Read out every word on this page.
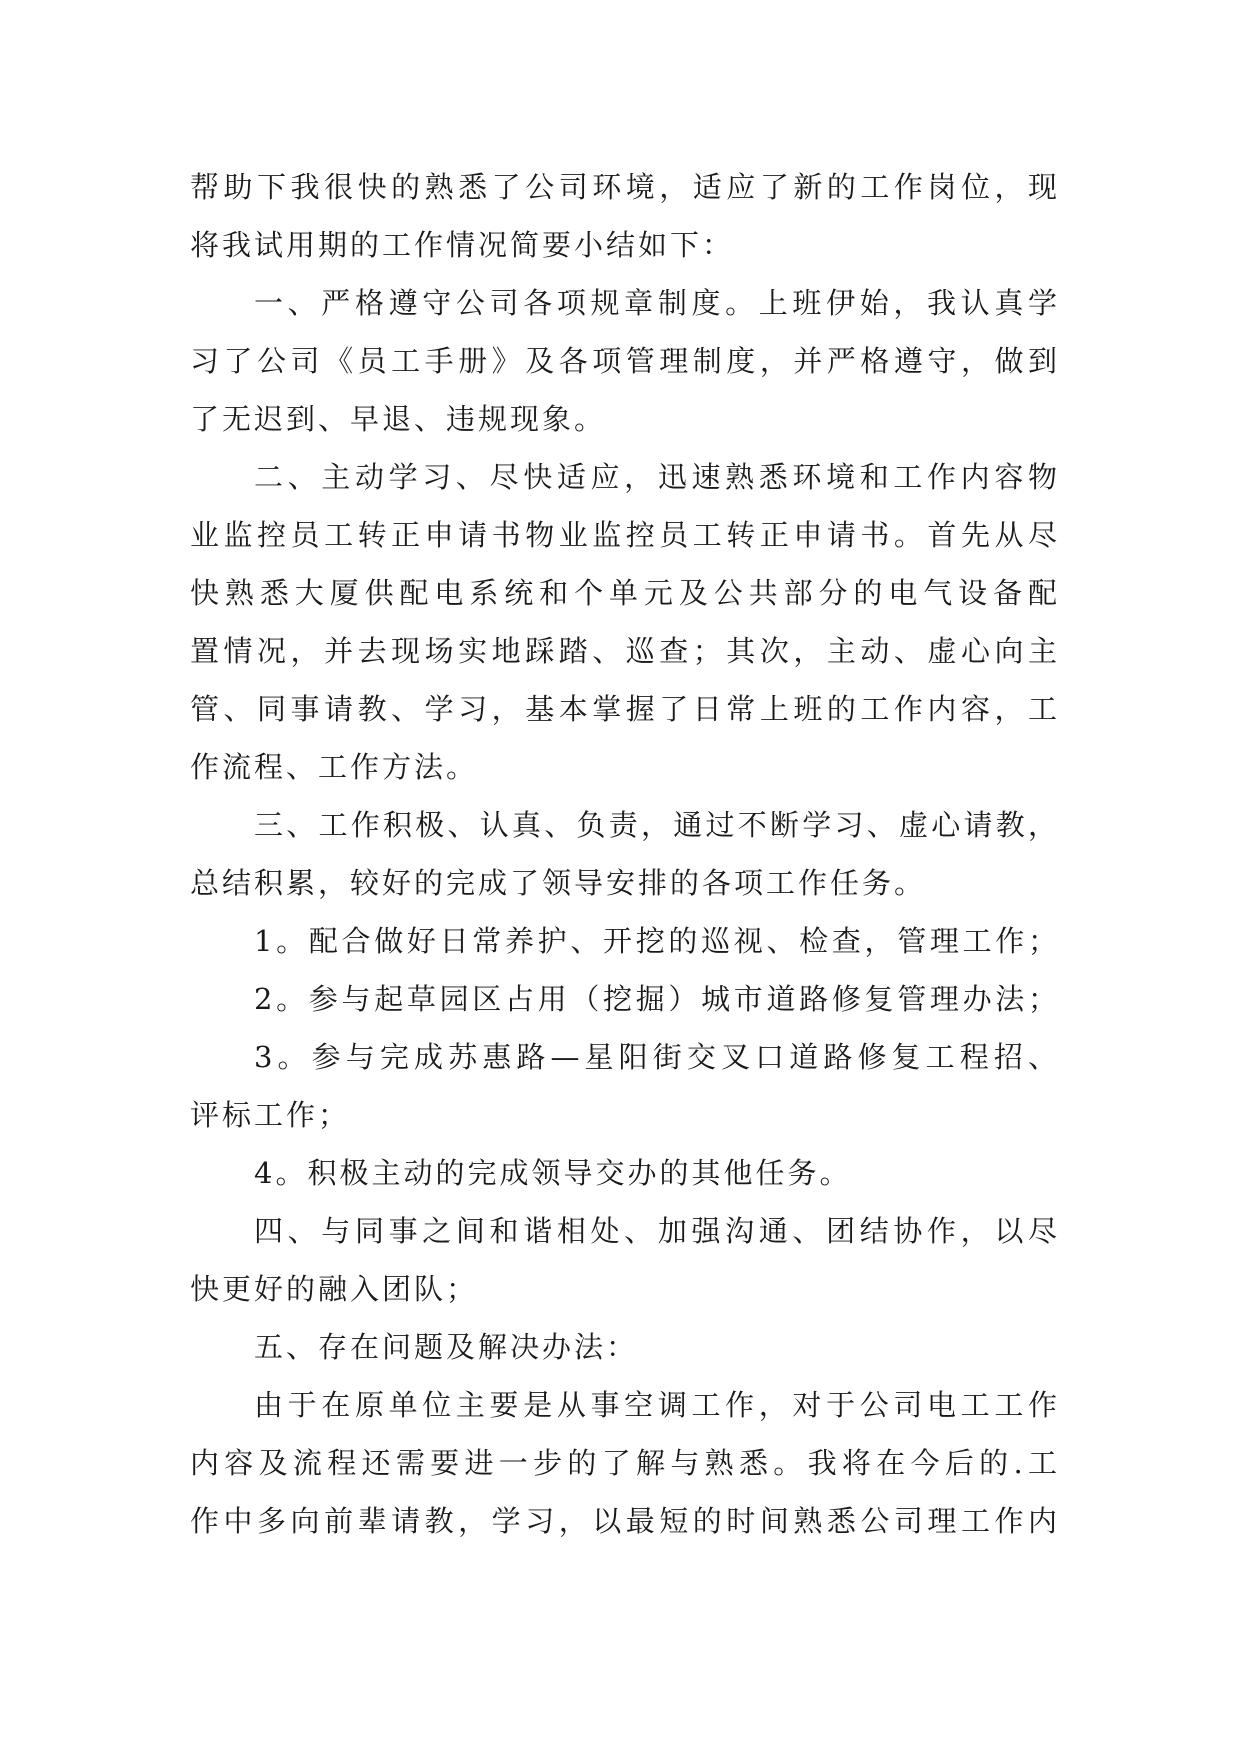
帮助下我很快的熟悉了公司环境，适应了新的工作岗位，现
将我试用期的工作情况简要小结如下：
一、严格遵守公司各项规章制度。上班伊始，我认真学
习了公司《员工手册》及各项管理制度，并严格遵守，做到
了无迟到、早退、违规现象。
二、主动学习、尽快适应，迅速熟悉环境和工作内容物
业监控员工转正申请书物业监控员工转正申请书。首先从尽
快熟悉大厦供配电系统和个单元及公共部分的电气设备配
置情况，并去现场实地踩踏、巡查；其次，主动、虚心向主
管、同事请教、学习，基本掌握了日常上班的工作内容，工
作流程、工作方法。
三、工作积极、认真、负责，通过不断学习、虚心请教，
总结积累，较好的完成了领导安排的各项工作任务。
1。配合做好日常养护、开挖的巡视、检查，管理工作；
2。参与起草园区占用（挖掘）城市道路修复管理办法；
3。参与完成苏惠路—星阳街交叉口道路修复工程招、
评标工作；
4。积极主动的完成领导交办的其他任务。
四、与同事之间和谐相处、加强沟通、团结协作，以尽
快更好的融入团队；
五、存在问题及解决办法：
由于在原单位主要是从事空调工作，对于公司电工工作
内容及流程还需要进一步的了解与熟悉。我将在今后的.工
作中多向前辈请教，学习，以最短的时间熟悉公司理工作内
